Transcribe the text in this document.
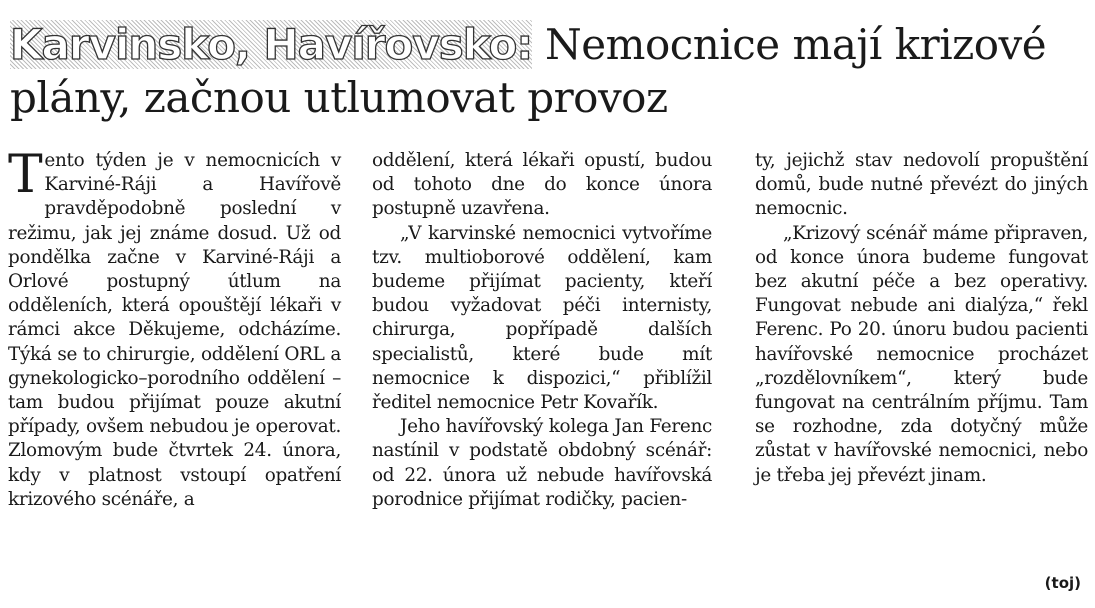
Karvinsko, Havířovsko: Nemocnice mají krizové plány, začnou utlumovat provoz

Tento týden je v nemocnicích v Karviné-Ráji a Havířově pravděpodobně poslední v režimu, jak jej známe dosud. Už od pondělka začne v Karviné-Ráji a Orlové postupný útlum na odděleních, která opouštějí lékaři v rámci akce Děkujeme, odcházíme. Týká se to chirurgie, oddělení ORL a gynekologicko–porodního oddělení – tam budou přijímat pouze akutní případy, ovšem nebudou je operovat. Zlomovým bude čtvrtek 24. února, kdy v platnost vstoupí opatření krizového scénáře, a

oddělení, která lékaři opustí, budou od tohoto dne do konce února postupně uzavřena.

„V karvinské nemocnici vytvoříme tzv. multioborové oddělení, kam budeme přijímat pacienty, kteří budou vyžadovat péči internisty, chirurga, popřípadě dalších specialistů, které bude mít nemocnice k dispozici,“ přiblížil ředitel nemocnice Petr Kovařík.

Jeho havířovský kolega Jan Ferenc nastínil v podstatě obdobný scénář: od 22. února už nebude havířovská porodnice přijímat rodičky, pacien-

ty, jejichž stav nedovolí propuštění domů, bude nutné převézt do jiných nemocnic.

„Krizový scénář máme připraven, od konce února budeme fungovat bez akutní péče a bez operativy. Fungovat nebude ani dialýza,“ řekl Ferenc. Po 20. únoru budou pacienti havířovské nemocnice procházet „rozdělovníkem“, který bude fungovat na centrálním příjmu. Tam se rozhodne, zda dotyčný může zůstat v havířovské nemocnici, nebo je třeba jej převézt jinam.

(toj)
